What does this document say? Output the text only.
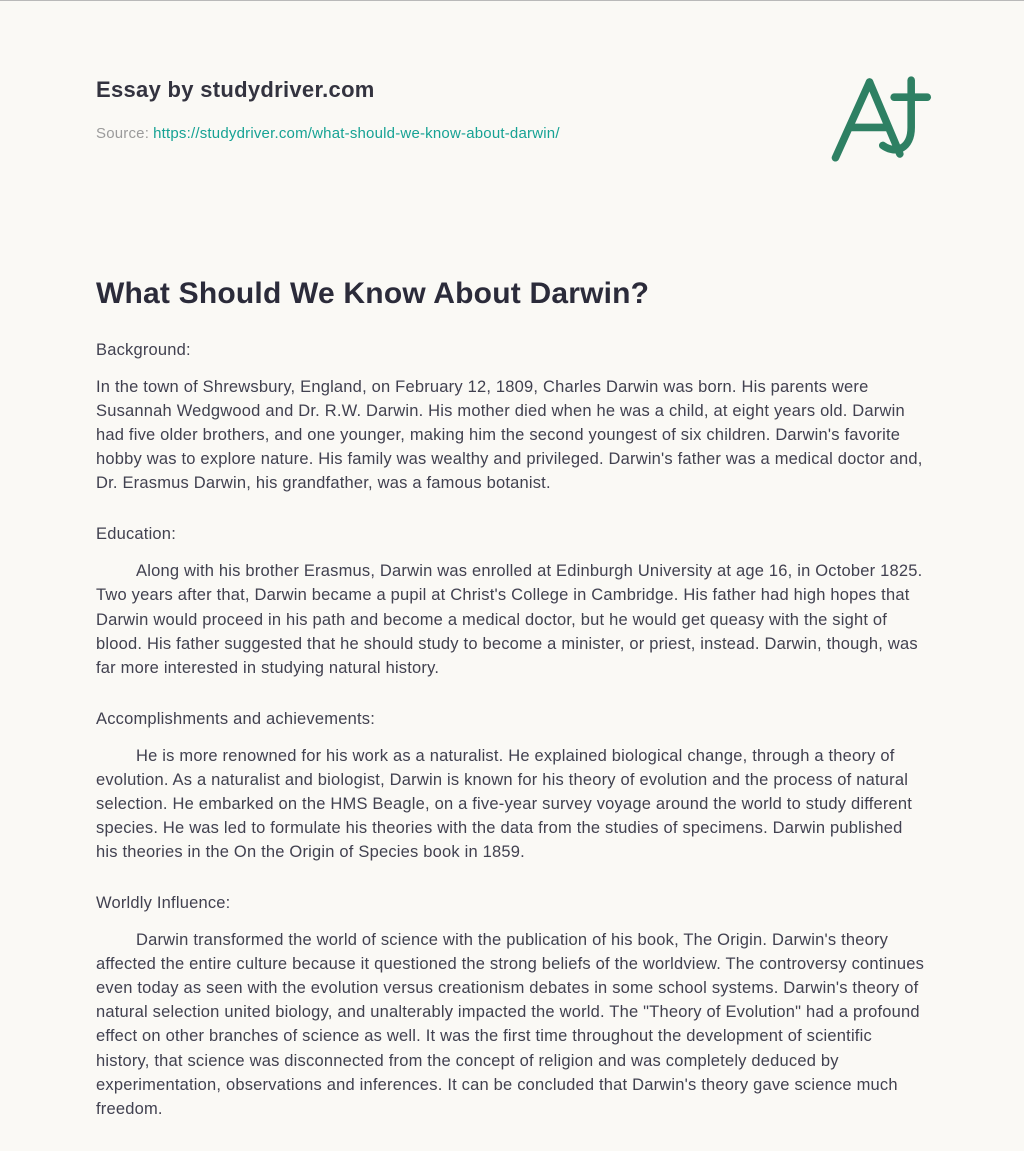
Essay by studydriver.com

Source: https://studydriver.com/what-should-we-know-about-darwin/

What Should We Know About Darwin?
Background:

In the town of Shrewsbury, England, on February 12, 1809, Charles Darwin was born. His parents were Susannah Wedgwood and Dr. R.W. Darwin. His mother died when he was a child, at eight years old. Darwin had five older brothers, and one younger, making him the second youngest of six children. Darwin's favorite hobby was to explore nature. His family was wealthy and privileged. Darwin's father was a medical doctor and, Dr. Erasmus Darwin, his grandfather, was a famous botanist.

Education:

Along with his brother Erasmus, Darwin was enrolled at Edinburgh University at age 16, in October 1825. Two years after that, Darwin became a pupil at Christ's College in Cambridge. His father had high hopes that Darwin would proceed in his path and become a medical doctor, but he would get queasy with the sight of blood. His father suggested that he should study to become a minister, or priest, instead. Darwin, though, was far more interested in studying natural history.

Accomplishments and achievements:

He is more renowned for his work as a naturalist. He explained biological change, through a theory of evolution. As a naturalist and biologist, Darwin is known for his theory of evolution and the process of natural selection. He embarked on the HMS Beagle, on a five-year survey voyage around the world to study different species. He was led to formulate his theories with the data from the studies of specimens. Darwin published his theories in the On the Origin of Species book in 1859.

Worldly Influence:

Darwin transformed the world of science with the publication of his book, The Origin. Darwin's theory affected the entire culture because it questioned the strong beliefs of the worldview. The controversy continues even today as seen with the evolution versus creationism debates in some school systems. Darwin's theory of natural selection united biology, and unalterably impacted the world. The "Theory of Evolution" had a profound effect on other branches of science as well. It was the first time throughout the development of scientific history, that science was disconnected from the concept of religion and was completely deduced by experimentation, observations and inferences. It can be concluded that Darwin's theory gave science much freedom.
